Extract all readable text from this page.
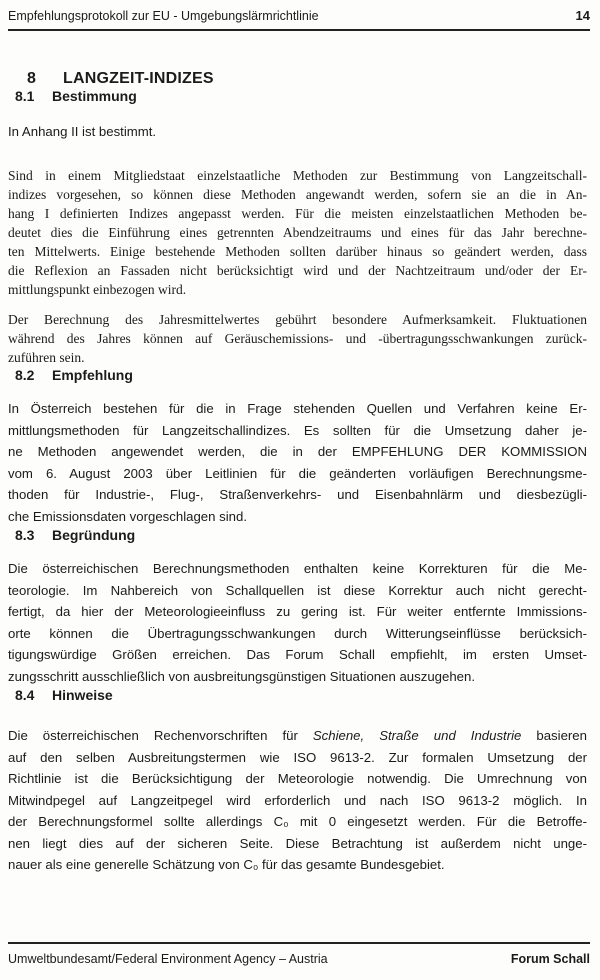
Empfehlungsprotokoll zur EU - Umgebungslärmrichtlinie	14
8 LANGZEIT-INDIZES
8.1 Bestimmung
In Anhang II ist bestimmt.
Sind in einem Mitgliedstaat einzelstaatliche Methoden zur Bestimmung von Langzeitschall-
indizes vorgesehen, so können diese Methoden angewandt werden, sofern sie an die in An-
hang I definierten Indizes angepasst werden. Für die meisten einzelstaatlichen Methoden be-
deutet dies die Einführung eines getrennten Abendzeitraums und eines für das Jahr berechne-
ten Mittelwerts. Einige bestehende Methoden sollten darüber hinaus so geändert werden, dass
die Reflexion an Fassaden nicht berücksichtigt wird und der Nachtzeitraum und/oder der Er-
mittlungspunkt einbezogen wird.
Der Berechnung des Jahresmittelwertes gebührt besondere Aufmerksamkeit. Fluktuationen
während des Jahres können auf Geräuschemissions- und -übertragungsschwankungen zurück-
zuführen sein.
8.2 Empfehlung
In Österreich bestehen für die in Frage stehenden Quellen und Verfahren keine Er-
mittlungsmethoden für Langzeitschallindizes. Es sollten für die Umsetzung daher je-
ne Methoden angewendet werden, die in der EMPFEHLUNG DER KOMMISSION
vom 6. August 2003 über Leitlinien für die geänderten vorläufigen Berechnungsme-
thoden für Industrie-, Flug-, Straßenverkehrs- und Eisenbahnlärm und diesbezügli-
che Emissionsdaten vorgeschlagen sind.
8.3 Begründung
Die österreichischen Berechnungsmethoden enthalten keine Korrekturen für die Me-
teorologie. Im Nahbereich von Schallquellen ist diese Korrektur auch nicht gerecht-
fertigt, da hier der Meteorologieeinfluss zu gering ist. Für weiter entfernte Immissions-
orte können die Übertragungsschwankungen durch Witterungseinflüsse berücksich-
tigungswürdige Größen erreichen. Das Forum Schall empfiehlt, im ersten Umset-
zungsschritt ausschließlich von ausbreitungsgünstigen Situationen auszugehen.
8.4 Hinweise
Die österreichischen Rechenvorschriften für Schiene, Straße und Industrie basieren
auf den selben Ausbreitungstermen wie ISO 9613-2. Zur formalen Umsetzung der
Richtlinie ist die Berücksichtigung der Meteorologie notwendig. Die Umrechnung von
Mitwindpegel auf Langzeitpegel wird erforderlich und nach ISO 9613-2 möglich. In
der Berechnungsformel sollte allerdings C₀ mit 0 eingesetzt werden. Für die Betroffe-
nen liegt dies auf der sicheren Seite. Diese Betrachtung ist außerdem nicht unge-
nauer als eine generelle Schätzung von C₀ für das gesamte Bundesgebiet.
Umweltbundesamt/Federal Environment Agency – Austria	Forum Schall
